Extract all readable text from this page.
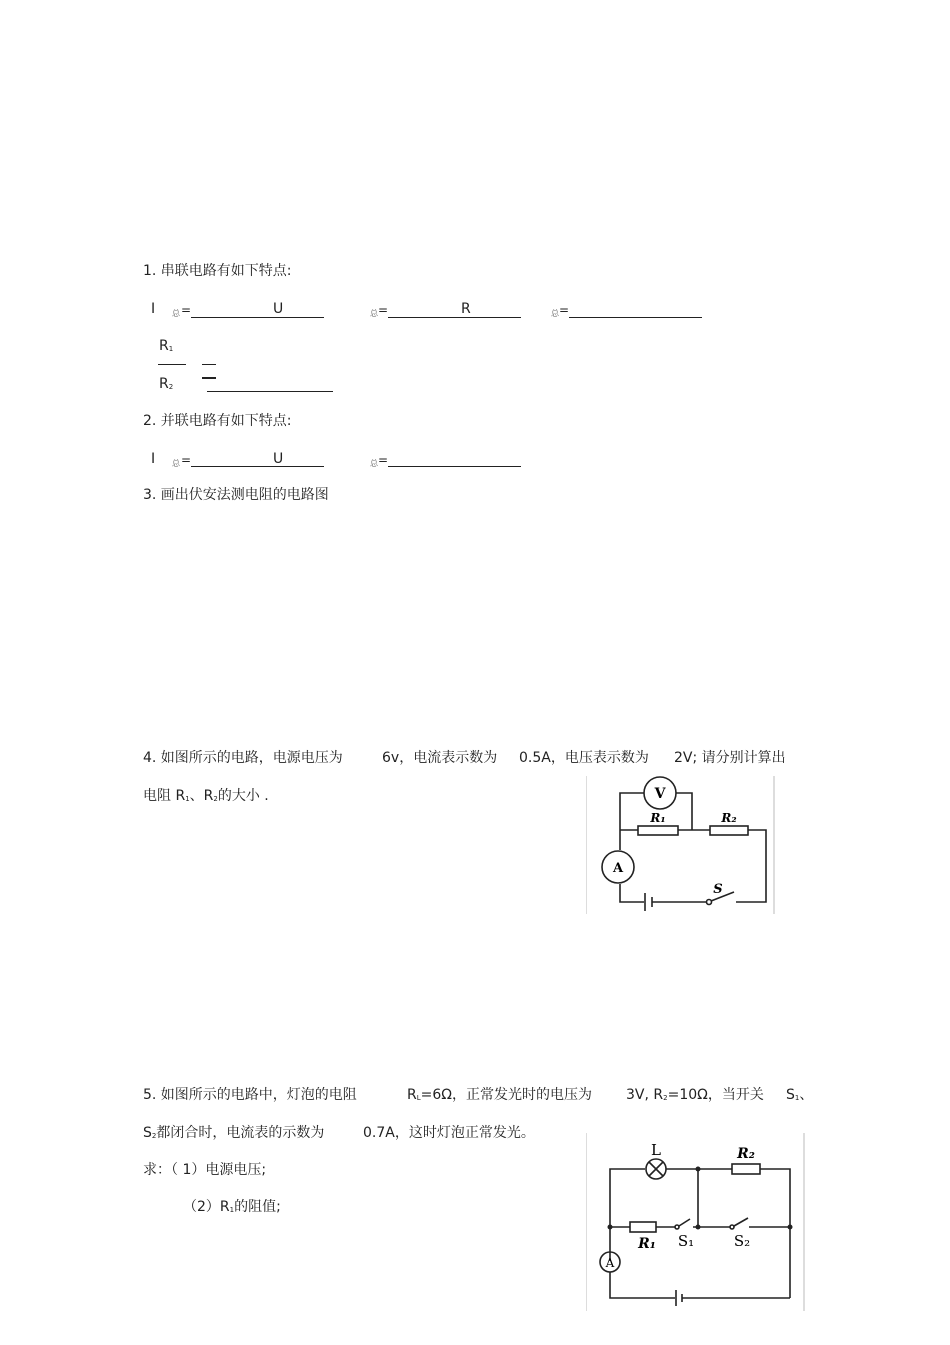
1. 串联电路有如下特点:
I 总 =	U	总 =	R	总 =
R1
R2
2. 并联电路有如下特点:
I 总 =	U	总 =
3. 画出伏安法测电阻的电路图
4. 如图所示的电路，电源电压为	6v，电流表示数为 0.5A，电压表示数为 2V; 请分别计算出
电阻 R1、R2的大小 .	V
A
R₁	R₂
S
5. 如图所示的电路中，灯泡的电阻	RL=6Ω，正常发光时的电压为 3V, R2=10Ω，当开关 S1、
S2都闭合时，电流表的示数为	0.7A，这时灯泡正常发光。
求：（ 1）电源电压;
（2）R1的阻值;
L	R₂
R₁ S₁	S₂
A
